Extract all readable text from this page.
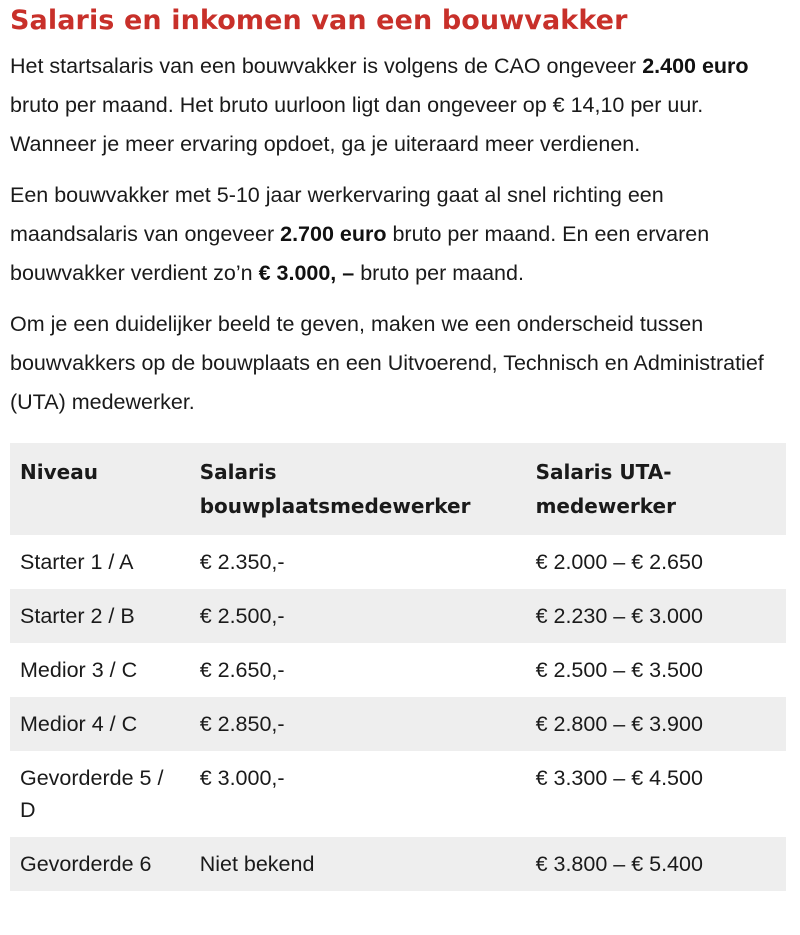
Salaris en inkomen van een bouwvakker

Het startsalaris van een bouwvakker is volgens de CAO ongeveer 2.400 euro bruto per maand. Het bruto uurloon ligt dan ongeveer op € 14,10 per uur. Wanneer je meer ervaring opdoet, ga je uiteraard meer verdienen.

Een bouwvakker met 5-10 jaar werkervaring gaat al snel richting een maandsalaris van ongeveer 2.700 euro bruto per maand. En een ervaren bouwvakker verdient zo’n € 3.000, – bruto per maand.

Om je een duidelijker beeld te geven, maken we een onderscheid tussen bouwvakkers op de bouwplaats en een Uitvoerend, Technisch en Administratief (UTA) medewerker.

Niveau	Salaris bouwplaatsmedewerker	Salaris UTA-medewerker
Starter 1 / A	€ 2.350,-	€ 2.000 – € 2.650
Starter 2 / B	€ 2.500,-	€ 2.230 – € 3.000
Medior 3 / C	€ 2.650,-	€ 2.500 – € 3.500
Medior 4 / C	€ 2.850,-	€ 2.800 – € 3.900
Gevorderde 5 / D	€ 3.000,-	€ 3.300 – € 4.500
Gevorderde 6	Niet bekend	€ 3.800 – € 5.400
